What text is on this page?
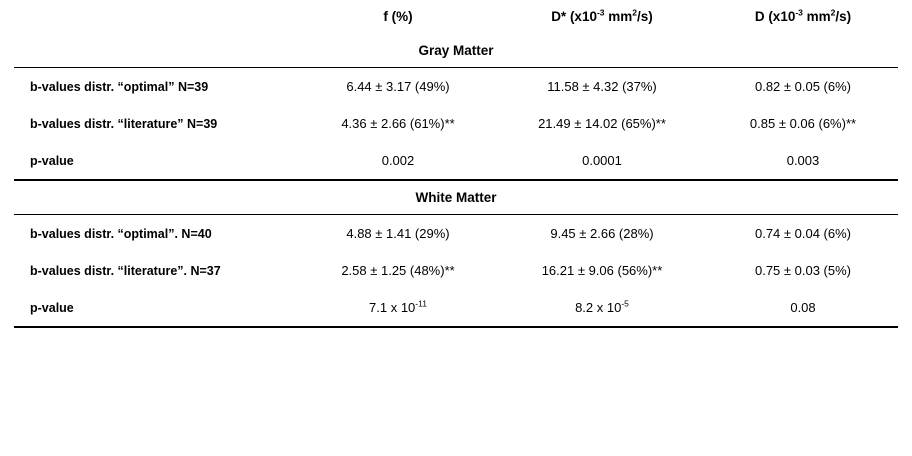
	f (%)	D* ($x10^{-3}$ $mm^2/s$)	D ($x10^{-3}$ $mm^2/s$)
Gray Matter			
b-values distr. “optimal” N=39	6.44 ± 3.17 (49%)	11.58 ± 4.32 (37%)	0.82 ± 0.05 (6%)
b-values distr. “literature” N=39	4.36 ± 2.66 (61%)**	21.49 ± 14.02 (65%)**	0.85 ± 0.06 (6%)**
p-value	0.002	0.0001	0.003
White Matter			
b-values distr. “optimal”. N=40	4.88 ± 1.41 (29%)	9.45 ± 2.66 (28%)	0.74 ± 0.04 (6%)
b-values distr. “literature”. N=37	2.58 ± 1.25 (48%)**	16.21 ± 9.06 (56%)**	0.75 ± 0.03 (5%)
p-value	7.1 x $10^{-11}$	8.2 x $10^{-5}$	0.08
